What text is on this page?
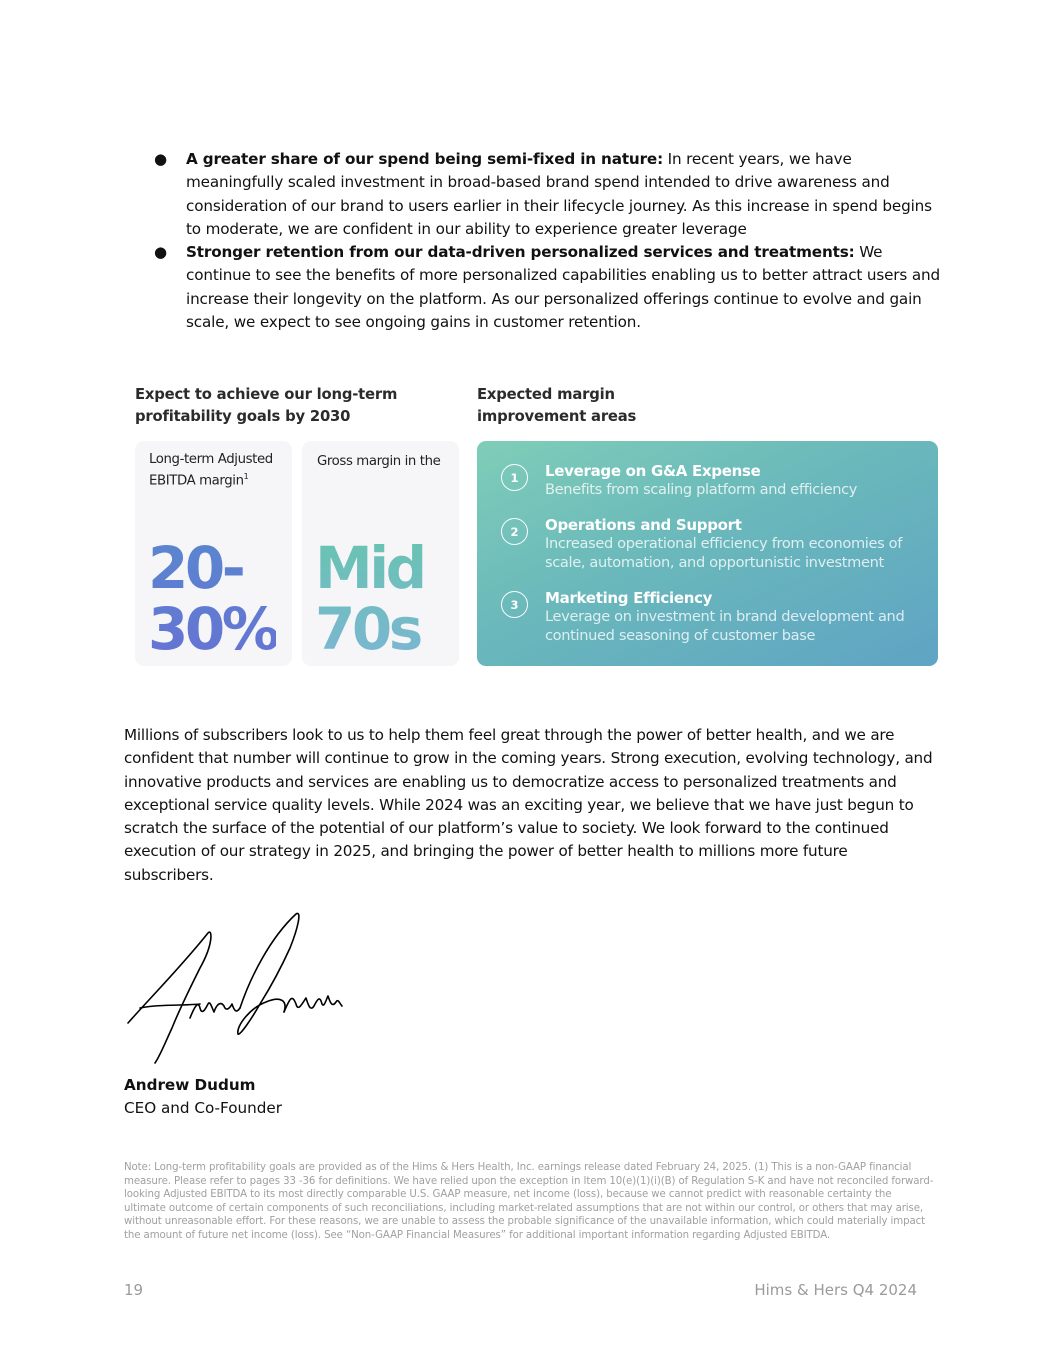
● A greater share of our spend being semi-fixed in nature: In recent years, we have meaningfully scaled investment in broad-based brand spend intended to drive awareness and consideration of our brand to users earlier in their lifecycle journey. As this increase in spend begins to moderate, we are confident in our ability to experience greater leverage
● Stronger retention from our data-driven personalized services and treatments: We continue to see the benefits of more personalized capabilities enabling us to better attract users and increase their longevity on the platform. As our personalized offerings continue to evolve and gain scale, we expect to see ongoing gains in customer retention.
Expect to achieve our long-term
profitability goals by 2030
Expected margin
improvement areas
Long-term Adjusted
EBITDA margin$^1$
20-
30%
Gross margin in the
Mid
70s
1	Leverage on G&A Expense
Benefits from scaling platform and efficiency
2	Operations and Support
Increased operational efficiency from economies of scale, automation, and opportunistic investment
3	Marketing Efficiency
Leverage on investment in brand development and continued seasoning of customer base
Millions of subscribers look to us to help them feel great through the power of better health, and we are confident that number will continue to grow in the coming years. Strong execution, evolving technology, and innovative products and services are enabling us to democratize access to personalized treatments and exceptional service quality levels. While 2024 was an exciting year, we believe that we have just begun to scratch the surface of the potential of our platform’s value to society. We look forward to the continued execution of our strategy in 2025, and bringing the power of better health to millions more future subscribers.
Andrew Dudum
CEO and Co-Founder
Note: Long-term profitability goals are provided as of the Hims & Hers Health, Inc. earnings release dated February 24, 2025. (1) This is a non-GAAP financial measure. Please refer to pages 33 -36 for definitions. We have relied upon the exception in Item 10(e)(1)(i)(B) of Regulation S-K and have not reconciled forward-looking Adjusted EBITDA to its most directly comparable U.S. GAAP measure, net income (loss), because we cannot predict with reasonable certainty the ultimate outcome of certain components of such reconciliations, including market-related assumptions that are not within our control, or others that may arise, without unreasonable effort. For these reasons, we are unable to assess the probable significance of the unavailable information, which could materially impact the amount of future net income (loss). See “Non-GAAP Financial Measures” for additional important information regarding Adjusted EBITDA.
19	Hims & Hers Q4 2024
